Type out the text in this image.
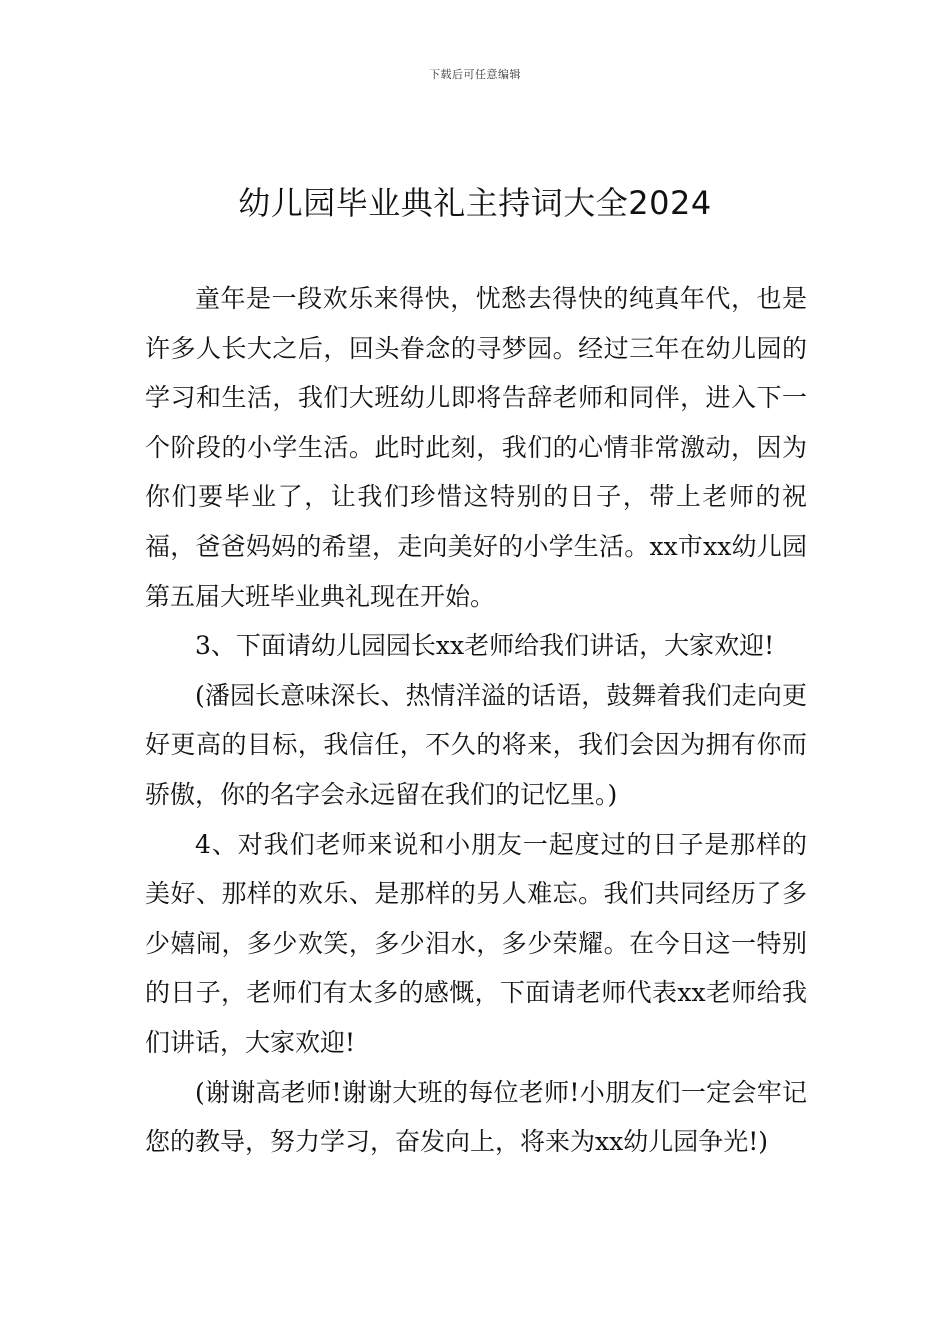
下载后可任意编辑
幼儿园毕业典礼主持词大全2024

童年是一段欢乐来得快，忧愁去得快的纯真年代，也是许多人长大之后，回头眷念的寻梦园。经过三年在幼儿园的学习和生活，我们大班幼儿即将告辞老师和同伴，进入下一个阶段的小学生活。此时此刻，我们的心情非常激动，因为你们要毕业了，让我们珍惜这特别的日子，带上老师的祝福，爸爸妈妈的希望，走向美好的小学生活。xx市xx幼儿园第五届大班毕业典礼现在开始。

3、下面请幼儿园园长xx老师给我们讲话，大家欢迎!

(潘园长意味深长、热情洋溢的话语，鼓舞着我们走向更好更高的目标，我信任，不久的将来，我们会因为拥有你而骄傲，你的名字会永远留在我们的记忆里。)

4、对我们老师来说和小朋友一起度过的日子是那样的美好、那样的欢乐、是那样的另人难忘。我们共同经历了多少嬉闹，多少欢笑，多少泪水，多少荣耀。在今日这一特别的日子，老师们有太多的感慨，下面请老师代表xx老师给我们讲话，大家欢迎!

(谢谢高老师!谢谢大班的每位老师!小朋友们一定会牢记您的教导，努力学习，奋发向上，将来为xx幼儿园争光!)
